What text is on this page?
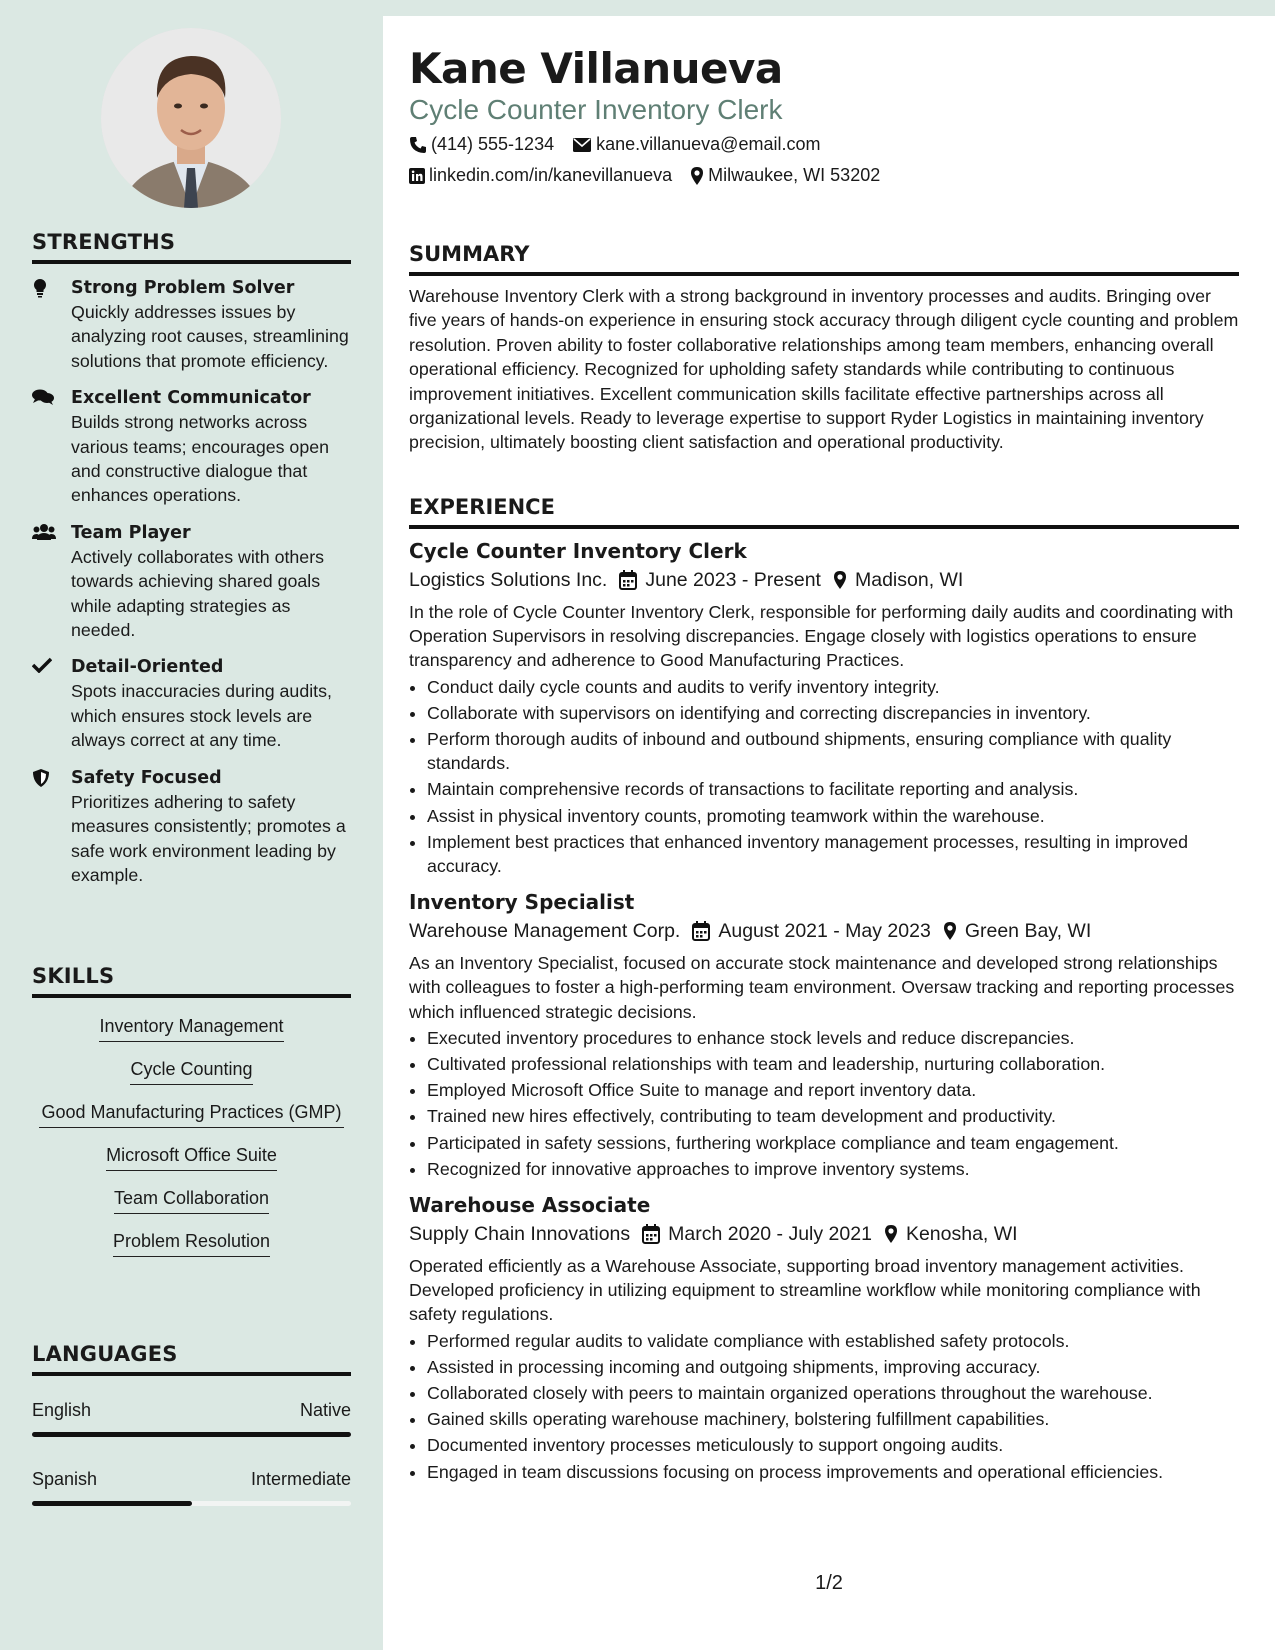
STRENGTHS
Strong Problem Solver
Quickly addresses issues by analyzing root causes, streamlining solutions that promote efficiency.
Excellent Communicator
Builds strong networks across various teams; encourages open and constructive dialogue that enhances operations.
Team Player
Actively collaborates with others towards achieving shared goals while adapting strategies as needed.
Detail-Oriented
Spots inaccuracies during audits, which ensures stock levels are always correct at any time.
Safety Focused
Prioritizes adhering to safety measures consistently; promotes a safe work environment leading by example.
SKILLS
Inventory Management
Cycle Counting
Good Manufacturing Practices (GMP)
Microsoft Office Suite
Team Collaboration
Problem Resolution
LANGUAGES
English	Native
Spanish	Intermediate
Kane Villanueva
Cycle Counter Inventory Clerk
(414) 555-1234 kane.villanueva@email.com
linkedin.com/in/kanevillanueva Milwaukee, WI 53202
SUMMARY
Warehouse Inventory Clerk with a strong background in inventory processes and audits. Bringing over five years of hands-on experience in ensuring stock accuracy through diligent cycle counting and problem resolution. Proven ability to foster collaborative relationships among team members, enhancing overall operational efficiency. Recognized for upholding safety standards while contributing to continuous improvement initiatives. Excellent communication skills facilitate effective partnerships across all organizational levels. Ready to leverage expertise to support Ryder Logistics in maintaining inventory precision, ultimately boosting client satisfaction and operational productivity.
EXPERIENCE
Cycle Counter Inventory Clerk
Logistics Solutions Inc. June 2023 - Present Madison, WI
In the role of Cycle Counter Inventory Clerk, responsible for performing daily audits and coordinating with Operation Supervisors in resolving discrepancies. Engage closely with logistics operations to ensure transparency and adherence to Good Manufacturing Practices.
• Conduct daily cycle counts and audits to verify inventory integrity.
• Collaborate with supervisors on identifying and correcting discrepancies in inventory.
• Perform thorough audits of inbound and outbound shipments, ensuring compliance with quality standards.
• Maintain comprehensive records of transactions to facilitate reporting and analysis.
• Assist in physical inventory counts, promoting teamwork within the warehouse.
• Implement best practices that enhanced inventory management processes, resulting in improved accuracy.
Inventory Specialist
Warehouse Management Corp. August 2021 - May 2023 Green Bay, WI
As an Inventory Specialist, focused on accurate stock maintenance and developed strong relationships with colleagues to foster a high-performing team environment. Oversaw tracking and reporting processes which influenced strategic decisions.
• Executed inventory procedures to enhance stock levels and reduce discrepancies.
• Cultivated professional relationships with team and leadership, nurturing collaboration.
• Employed Microsoft Office Suite to manage and report inventory data.
• Trained new hires effectively, contributing to team development and productivity.
• Participated in safety sessions, furthering workplace compliance and team engagement.
• Recognized for innovative approaches to improve inventory systems.
Warehouse Associate
Supply Chain Innovations March 2020 - July 2021 Kenosha, WI
Operated efficiently as a Warehouse Associate, supporting broad inventory management activities. Developed proficiency in utilizing equipment to streamline workflow while monitoring compliance with safety regulations.
• Performed regular audits to validate compliance with established safety protocols.
• Assisted in processing incoming and outgoing shipments, improving accuracy.
• Collaborated closely with peers to maintain organized operations throughout the warehouse.
• Gained skills operating warehouse machinery, bolstering fulfillment capabilities.
• Documented inventory processes meticulously to support ongoing audits.
• Engaged in team discussions focusing on process improvements and operational efficiencies.
1/2
